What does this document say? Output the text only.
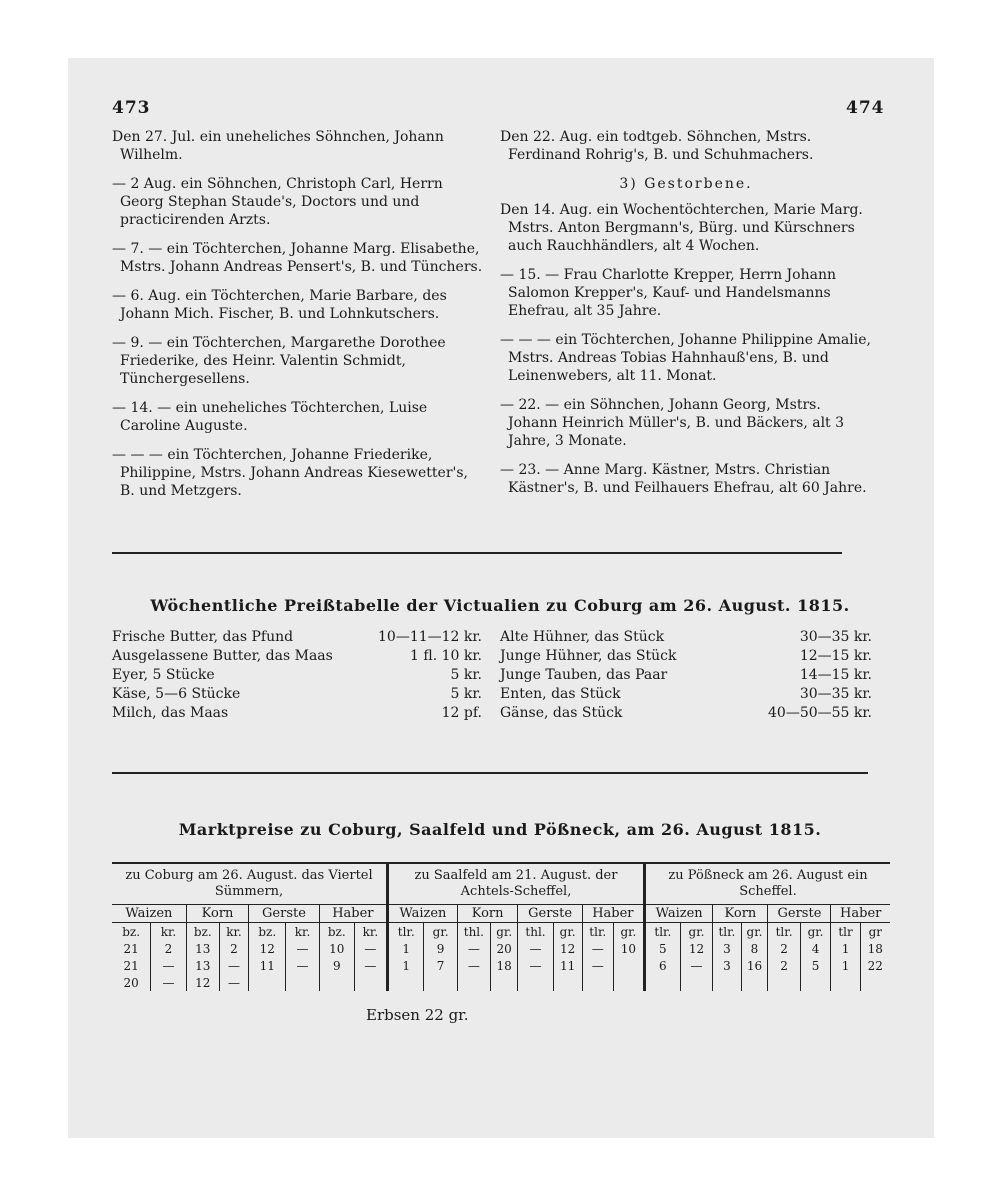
473	474

Den 27. Jul. ein uneheliches Söhnchen, Johann Wilhelm.

— 2 Aug. ein Söhnchen, Christoph Carl, Herrn Georg Stephan Staude's, Doctors und und practicirenden Arzts.

— 7. — ein Töchterchen, Johanne Marg. Elisabethe, Mstrs. Johann Andreas Pensert's, B. und Tünchers.

— 6. Aug. ein Töchterchen, Marie Barbare, des Johann Mich. Fischer, B. und Lohnkutschers.

— 9. — ein Töchterchen, Margarethe Dorothee Friederike, des Heinr. Valentin Schmidt, Tünchergesellens.

— 14. — ein uneheliches Töchterchen, Luise Caroline Auguste.

— — — ein Töchterchen, Johanne Friederike, Philippine, Mstrs. Johann Andreas Kiesewetter's, B. und Metzgers.

Den 22. Aug. ein todtgeb. Söhnchen, Mstrs. Ferdinand Rohrig's, B. und Schuhmachers.

3) Gestorbene.

Den 14. Aug. ein Wochentöchterchen, Marie Marg. Mstrs. Anton Bergmann's, Bürg. und Kürschners auch Rauchhändlers, alt 4 Wochen.

— 15. — Frau Charlotte Krepper, Herrn Johann Salomon Krepper's, Kauf- und Handelsmanns Ehefrau, alt 35 Jahre.

— — — ein Töchterchen, Johanne Philippine Amalie, Mstrs. Andreas Tobias Hahnhauß'ens, B. und Leinenwebers, alt 11. Monat.

— 22. — ein Söhnchen, Johann Georg, Mstrs. Johann Heinrich Müller's, B. und Bäckers, alt 3 Jahre, 3 Monate.

— 23. — Anne Marg. Kästner, Mstrs. Christian Kästner's, B. und Feilhauers Ehefrau, alt 60 Jahre.

Wöchentliche Preißtabelle der Victualien zu Coburg am 26. August. 1815.
Frische Butter, das Pfund	10—11—12 kr.
Ausgelassene Butter, das Maas	1 fl. 10 kr.
Eyer, 5 Stücke	5 kr.
Käse, 5—6 Stücke	5 kr.
Milch, das Maas	12 pf.
Alte Hühner, das Stück	30—35 kr.
Junge Hühner, das Stück	12—15 kr.
Junge Tauben, das Paar	14—15 kr.
Enten, das Stück	30—35 kr.
Gänse, das Stück	40—50—55 kr.
Marktpreise zu Coburg, Saalfeld und Pößneck, am 26. August 1815.
zu Coburg am 26. August. das Viertel Sümmern,								zu Saalfeld am 21. August. der Achtels-Scheffel,								zu Pößneck am 26. August ein Scheffel.							
Waizen		Korn		Gerste		Haber		Waizen		Korn		Gerste		Haber		Waizen		Korn		Gerste		Haber	
bz.	kr.	bz.	kr.	bz.	kr.	bz.	kr.	tlr.	gr.	thl.	gr.	thl.	gr.	tlr.	gr.	tlr.	gr.	tlr.	gr.	tlr.	gr.	tlr	gr
21	2	13	2	12	—	10	—	1	9	—	20	—	12	—	10	5	12	3	8	2	4	1	18
21	—	13	—	11	—	9	—	1	7	—	18	—	11	—		6	—	3	16	2	5	1	22
20	—	12	—																				
Erbsen 22 gr.
